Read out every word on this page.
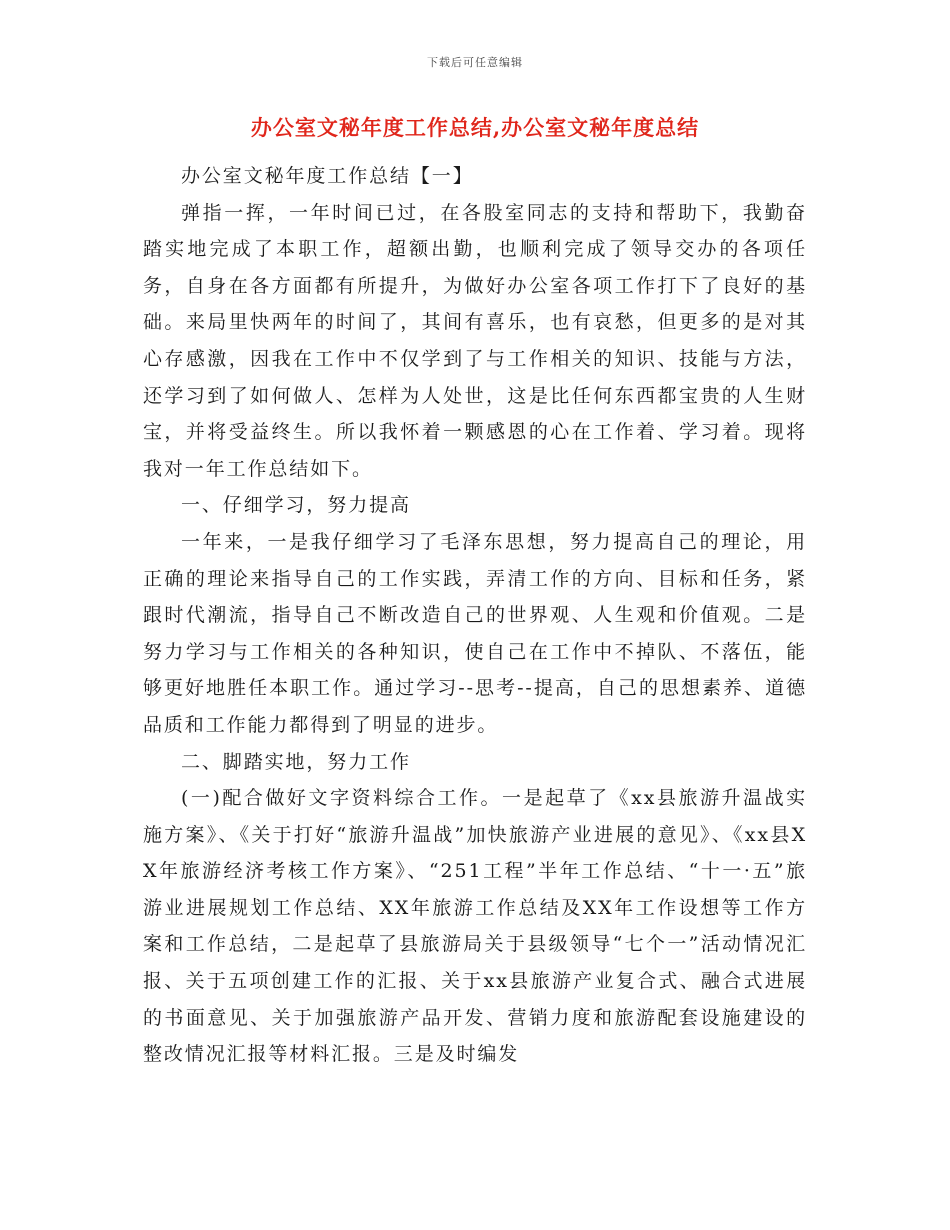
下载后可任意编辑
办公室文秘年度工作总结,办公室文秘年度总结

办公室文秘年度工作总结【一】

弹指一挥，一年时间已过，在各股室同志的支持和帮助下，我勤奋踏实地完成了本职工作，超额出勤，也顺利完成了领导交办的各项任务，自身在各方面都有所提升，为做好办公室各项工作打下了良好的基础。来局里快两年的时间了，其间有喜乐，也有哀愁，但更多的是对其心存感激，因我在工作中不仅学到了与工作相关的知识、技能与方法，还学习到了如何做人、怎样为人处世，这是比任何东西都宝贵的人生财宝，并将受益终生。所以我怀着一颗感恩的心在工作着、学习着。现将我对一年工作总结如下。

一、仔细学习，努力提高

一年来，一是我仔细学习了毛泽东思想，努力提高自己的理论，用正确的理论来指导自己的工作实践，弄清工作的方向、目标和任务，紧跟时代潮流，指导自己不断改造自己的世界观、人生观和价值观。二是努力学习与工作相关的各种知识，使自己在工作中不掉队、不落伍，能够更好地胜任本职工作。通过学习--思考--提高，自己的思想素养、道德品质和工作能力都得到了明显的进步。

二、脚踏实地，努力工作

(一)配合做好文字资料综合工作。一是起草了《xx县旅游升温战实施方案》、《关于打好“旅游升温战”加快旅游产业进展的意见》、《xx县XX年旅游经济考核工作方案》、“251工程”半年工作总结、“十一·五”旅游业进展规划工作总结、XX年旅游工作总结及XX年工作设想等工作方案和工作总结，二是起草了县旅游局关于县级领导“七个一”活动情况汇报、关于五项创建工作的汇报、关于xx县旅游产业复合式、融合式进展的书面意见、关于加强旅游产品开发、营销力度和旅游配套设施建设的整改情况汇报等材料汇报。三是及时编发
